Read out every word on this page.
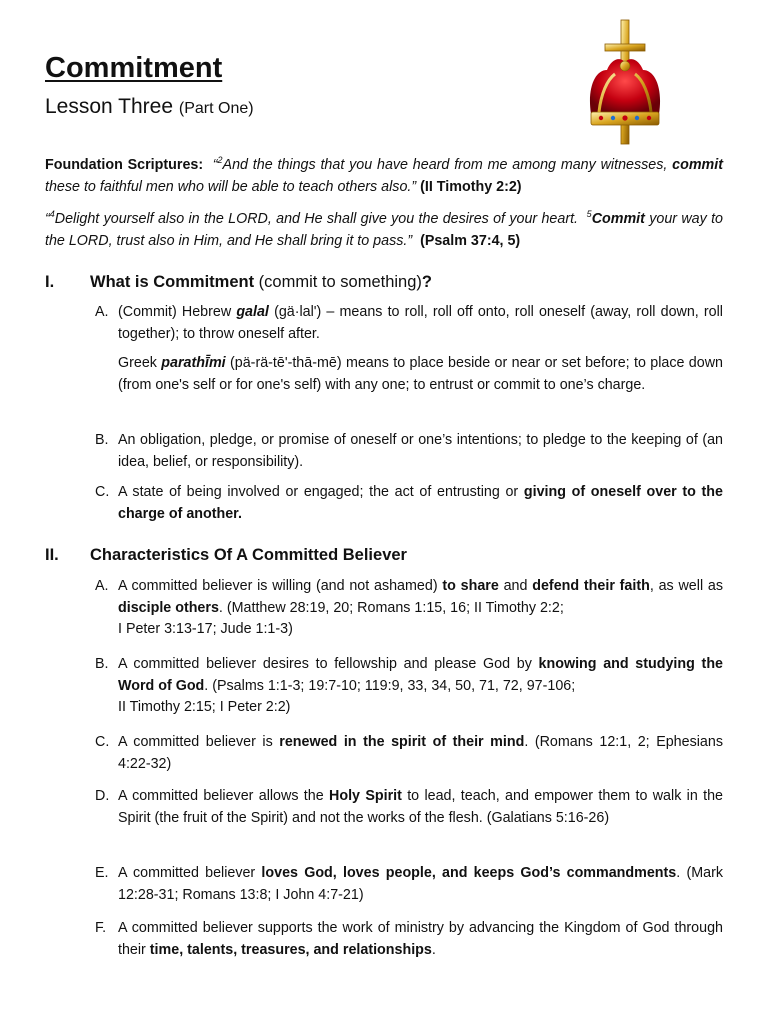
Commitment
Lesson Three (Part One)

Foundation Scriptures: “$^2$And the things that you have heard from me among many witnesses, commit these to faithful men who will be able to teach others also.” (II Timothy 2:2)

“$^4$Delight yourself also in the LORD, and He shall give you the desires of your heart. $^5$Commit your way to the LORD, trust also in Him, and He shall bring it to pass.” (Psalm 37:4, 5)

I. What is Commitment (commit to something)?
A. (Commit) Hebrew galal (gä·lal') – means to roll, roll off onto, roll oneself (away, roll down, roll together); to throw oneself after.
Greek parathī̄mi (pä-rä-tē'-thā-mē) means to place beside or near or set before; to place down (from one's self or for one's self) with any one; to entrust or commit to one’s charge.
B. An obligation, pledge, or promise of oneself or one’s intentions; to pledge to the keeping of (an idea, belief, or responsibility).
C. A state of being involved or engaged; the act of entrusting or giving of oneself over to the charge of another.
II. Characteristics Of A Committed Believer
A. A committed believer is willing (and not ashamed) to share and defend their faith, as well as disciple others. (Matthew 28:19, 20; Romans 1:15, 16; II Timothy 2:2;
I Peter 3:13-17; Jude 1:1-3)
B. A committed believer desires to fellowship and please God by knowing and studying the Word of God. (Psalms 1:1-3; 19:7-10; 119:9, 33, 34, 50, 71, 72, 97-106;
II Timothy 2:15; I Peter 2:2)
C. A committed believer is renewed in the spirit of their mind. (Romans 12:1, 2; Ephesians 4:22-32)
D. A committed believer allows the Holy Spirit to lead, teach, and empower them to walk in the Spirit (the fruit of the Spirit) and not the works of the flesh. (Galatians 5:16-26)
E. A committed believer loves God, loves people, and keeps God’s commandments. (Mark 12:28-31; Romans 13:8; I John 4:7-21)
F. A committed believer supports the work of ministry by advancing the Kingdom of God through their time, talents, treasures, and relationships.
